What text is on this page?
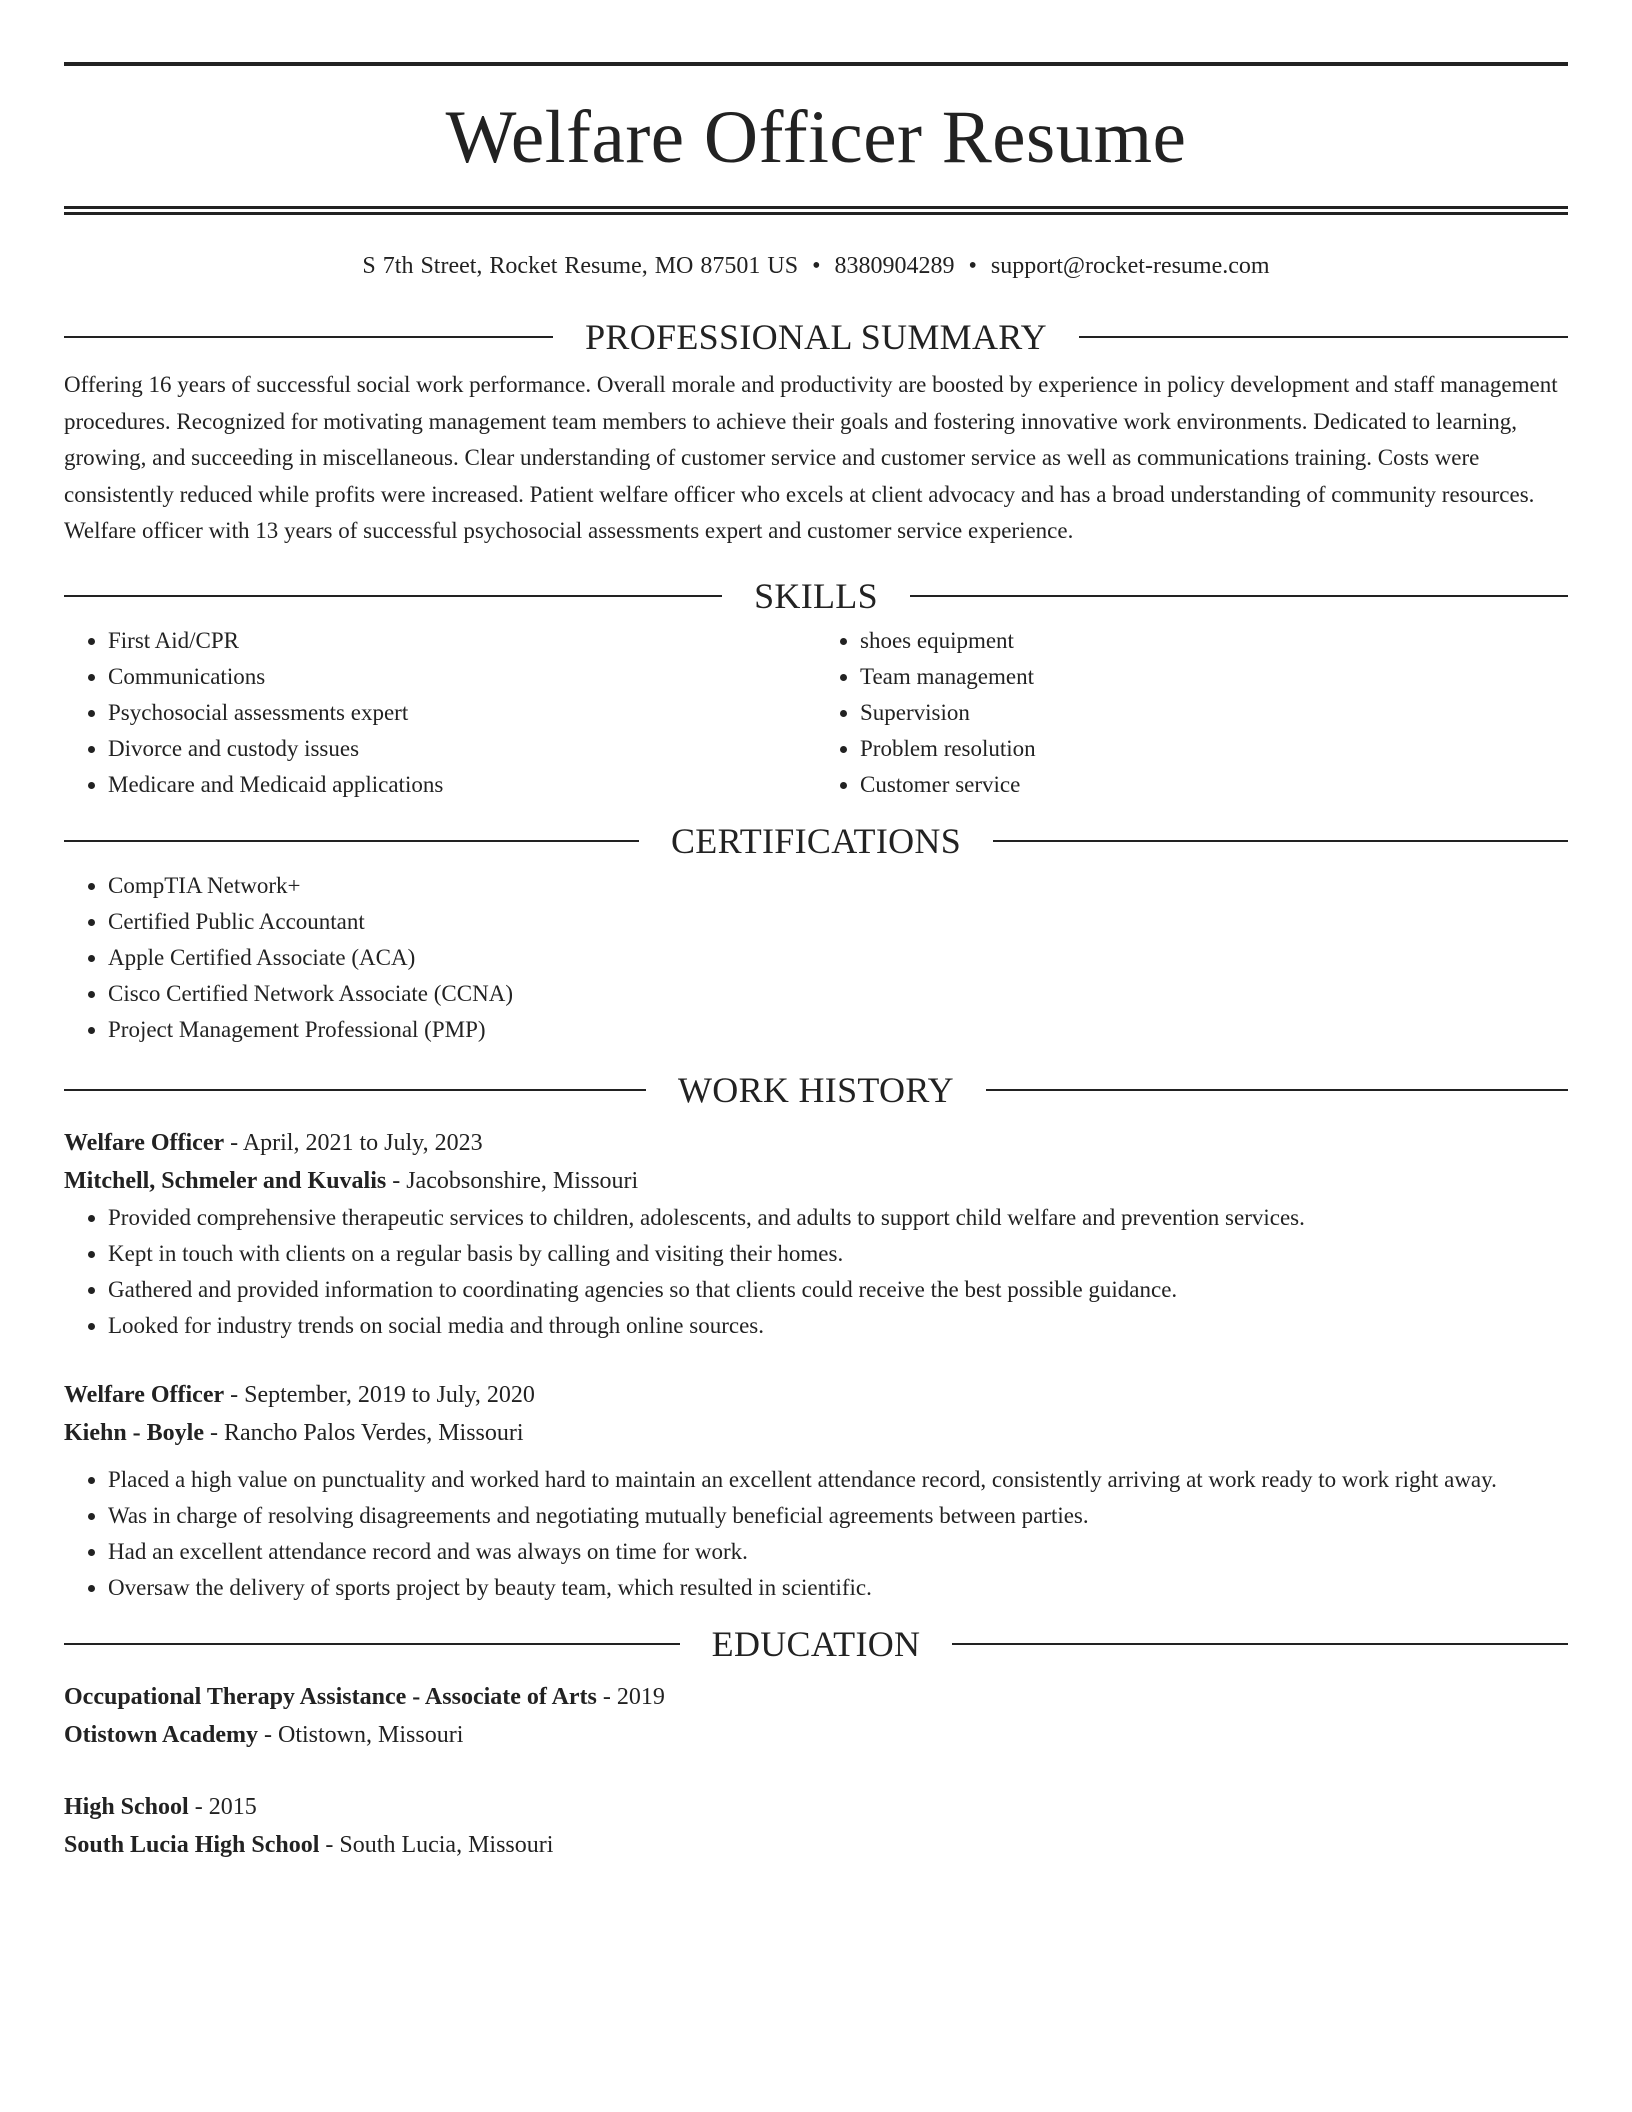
Welfare Officer Resume
S 7th Street, Rocket Resume, MO 87501 US • 8380904289 • support@rocket-resume.com
PROFESSIONAL SUMMARY

Offering 16 years of successful social work performance. Overall morale and productivity are boosted by experience in policy development and staff management procedures. Recognized for motivating management team members to achieve their goals and fostering innovative work environments. Dedicated to learning, growing, and succeeding in miscellaneous. Clear understanding of customer service and customer service as well as communications training. Costs were consistently reduced while profits were increased. Patient welfare officer who excels at client advocacy and has a broad understanding of community resources. Welfare officer with 13 years of successful psychosocial assessments expert and customer service experience.

SKILLS
• First Aid/CPR
• Communications
• Psychosocial assessments expert
• Divorce and custody issues
• Medicare and Medicaid applications
• shoes equipment
• Team management
• Supervision
• Problem resolution
• Customer service
CERTIFICATIONS
• CompTIA Network+
• Certified Public Accountant
• Apple Certified Associate (ACA)
• Cisco Certified Network Associate (CCNA)
• Project Management Professional (PMP)
WORK HISTORY

Welfare Officer - April, 2021 to July, 2023

Mitchell, Schmeler and Kuvalis - Jacobsonshire, Missouri

• Provided comprehensive therapeutic services to children, adolescents, and adults to support child welfare and prevention services.
• Kept in touch with clients on a regular basis by calling and visiting their homes.
• Gathered and provided information to coordinating agencies so that clients could receive the best possible guidance.
• Looked for industry trends on social media and through online sources.

Welfare Officer - September, 2019 to July, 2020

Kiehn - Boyle - Rancho Palos Verdes, Missouri

• Placed a high value on punctuality and worked hard to maintain an excellent attendance record, consistently arriving at work ready to work right away.
• Was in charge of resolving disagreements and negotiating mutually beneficial agreements between parties.
• Had an excellent attendance record and was always on time for work.
• Oversaw the delivery of sports project by beauty team, which resulted in scientific.
EDUCATION

Occupational Therapy Assistance - Associate of Arts - 2019

Otistown Academy - Otistown, Missouri

High School - 2015

South Lucia High School - South Lucia, Missouri
